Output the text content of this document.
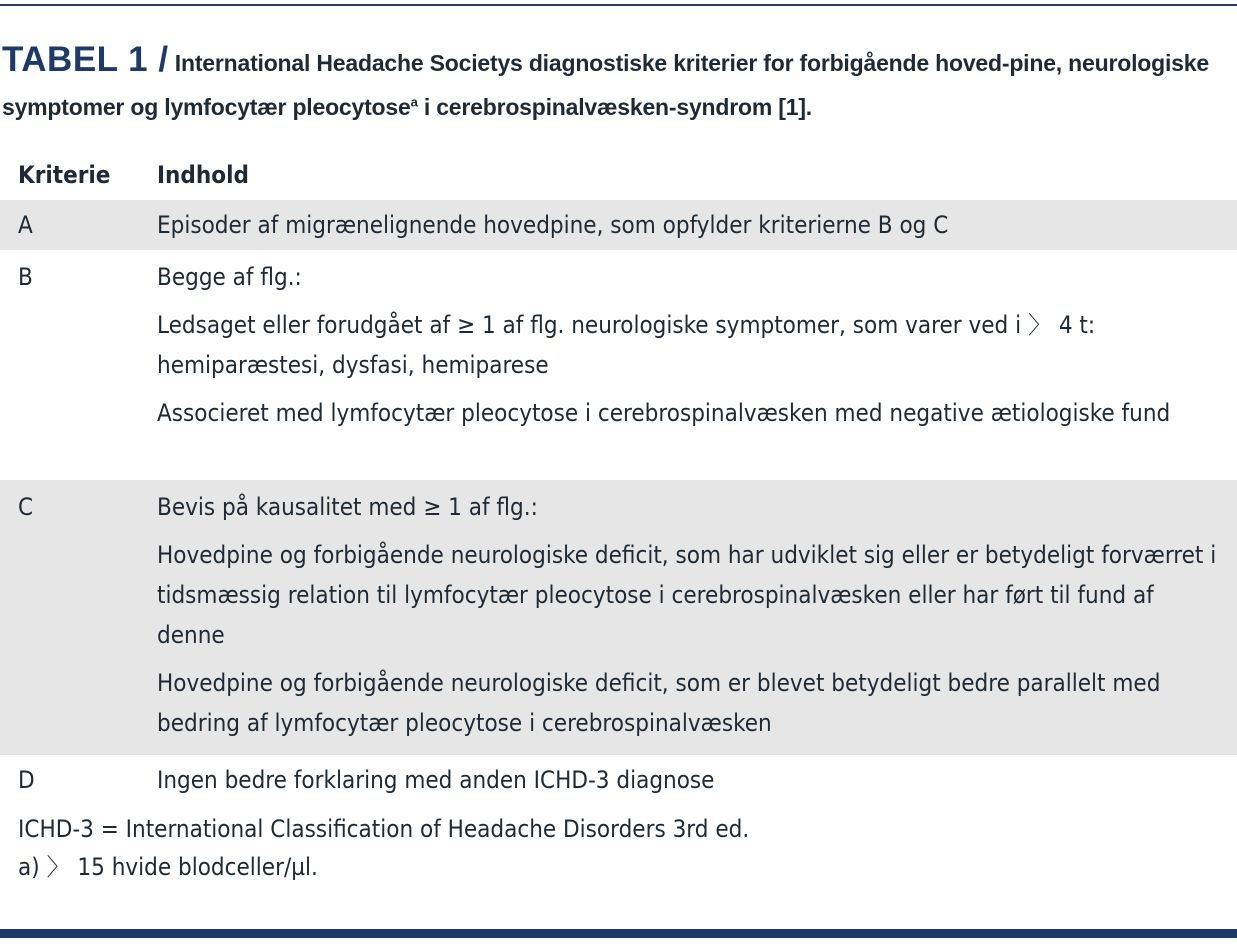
TABEL 1 / International Headache Societys diagnostiske kriterier for forbigående hoved-pine, neurologiske symptomer og lymfocytær pleocytose$^a$ i cerebrospinalvæsken-syndrom [1].
Kriterie Indhold
A	Episoder af migrænelignende hovedpine, som opfylder kriterierne B og C
B	Begge af flg.:
Ledsaget eller forudgået af ≥ 1 af flg. neurologiske symptomer, som varer ved i 〉 4 t: hemiparæstesi, dysfasi, hemiparese
Associeret med lymfocytær pleocytose i cerebrospinalvæsken med negative ætiologiske fund
C	Bevis på kausalitet med ≥ 1 af flg.:
Hovedpine og forbigående neurologiske deficit, som har udviklet sig eller er betydeligt forværret i tidsmæssig relation til lymfocytær pleocytose i cerebrospinalvæsken eller har ført til fund af denne
Hovedpine og forbigående neurologiske deficit, som er blevet betydeligt bedre parallelt med bedring af lymfocytær pleocytose i cerebrospinalvæsken
D	Ingen bedre forklaring med anden ICHD-3 diagnose
ICHD-3 = International Classification of Headache Disorders 3rd ed.
a) 〉 15 hvide blodceller/µl.
